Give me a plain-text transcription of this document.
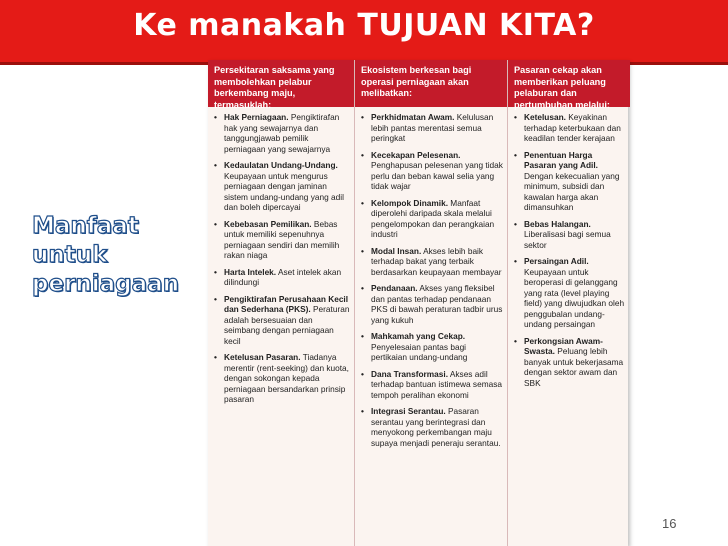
Ke manakah TUJUAN KITA?
Manfaat
untuk
perniagaan
Persekitaran saksama yang membolehkan pelabur berkembang maju, termasuklah:
• Hak Perniagaan. Pengiktirafan hak yang sewajarnya dan tanggungjawab pemilik perniagaan yang sewajarnya
• Kedaulatan Undang-Undang. Keupayaan untuk mengurus perniagaan dengan jaminan sistem undang-undang yang adil dan boleh dipercayai
• Kebebasan Pemilikan. Bebas untuk memiliki sepenuhnya perniagaan sendiri dan memilih rakan niaga
• Harta Intelek. Aset intelek akan dilindungi
• Pengiktirafan Perusahaan Kecil dan Sederhana (PKS). Peraturan adalah bersesuaian dan seimbang dengan perniagaan kecil
• Ketelusan Pasaran. Tiadanya merentir (rent-seeking) dan kuota, dengan sokongan kepada perniagaan bersandarkan prinsip pasaran
Ekosistem berkesan bagi operasi perniagaan akan melibatkan:
• Perkhidmatan Awam. Kelulusan lebih pantas merentasi semua peringkat
• Kecekapan Pelesenan. Penghapusan pelesenan yang tidak perlu dan beban kawal selia yang tidak wajar
• Kelompok Dinamik. Manfaat diperolehi daripada skala melalui pengelompokan dan perangkaian industri
• Modal Insan. Akses lebih baik terhadap bakat yang terbaik berdasarkan keupayaan membayar
• Pendanaan. Akses yang fleksibel dan pantas terhadap pendanaan PKS di bawah peraturan tadbir urus yang kukuh
• Mahkamah yang Cekap. Penyelesaian pantas bagi pertikaian undang-undang
• Dana Transformasi. Akses adil terhadap bantuan istimewa semasa tempoh peralihan ekonomi
• Integrasi Serantau. Pasaran serantau yang berintegrasi dan menyokong perkembangan maju supaya menjadi peneraju serantau.
Pasaran cekap akan memberikan peluang pelaburan dan pertumbuhan melalui:
• Ketelusan. Keyakinan terhadap keterbukaan dan keadilan tender kerajaan
• Penentuan Harga Pasaran yang Adil. Dengan kekecualian yang minimum, subsidi dan kawalan harga akan dimansuhkan
• Bebas Halangan. Liberalisasi bagi semua sektor
• Persaingan Adil. Keupayaan untuk beroperasi di gelanggang yang rata (level playing field) yang diwujudkan oleh penggubalan undang-undang persaingan
• Perkongsian Awam-Swasta. Peluang lebih banyak untuk bekerjasama dengan sektor awam dan SBK
16
